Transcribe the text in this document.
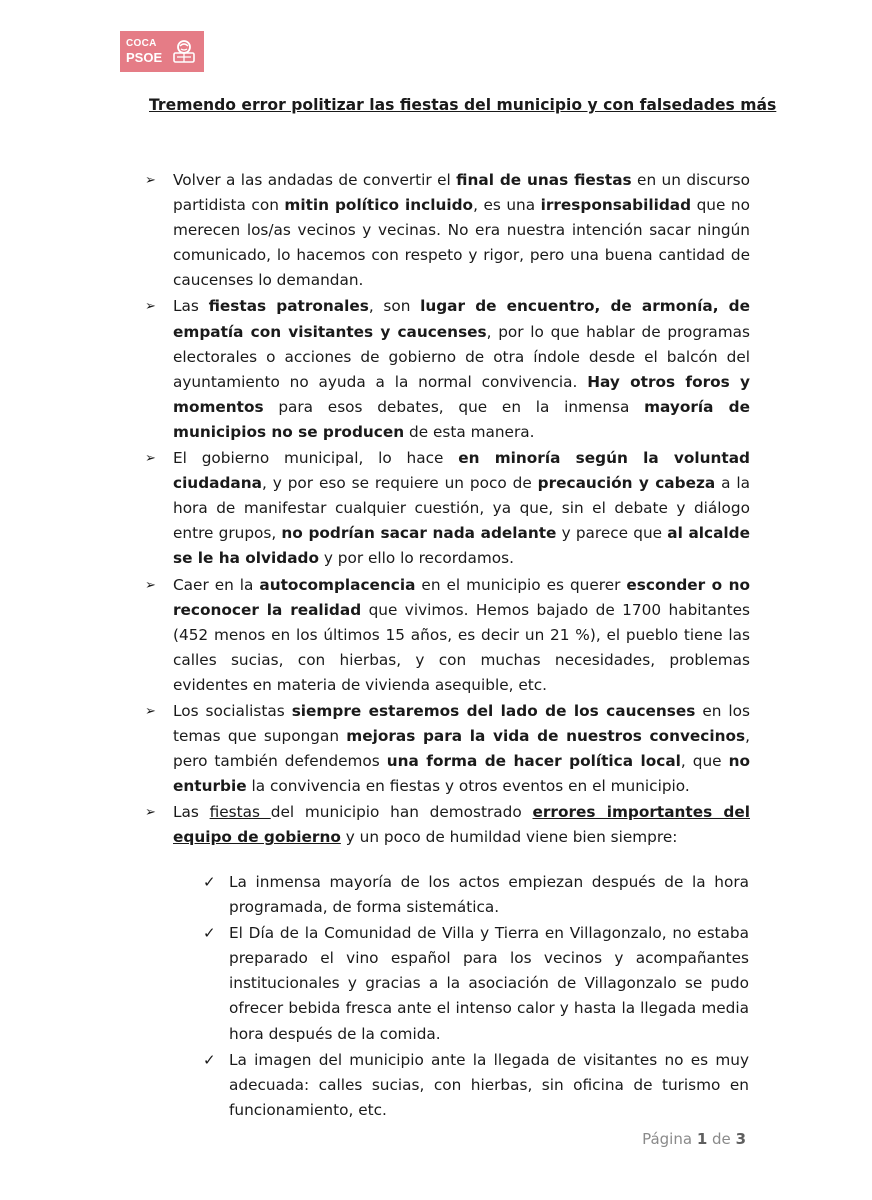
COCA
PSOE
Tremendo error politizar las fiestas del municipio y con falsedades más
➢ Volver a las andadas de convertir el final de unas fiestas en un discurso partidista con mitin político incluido, es una irresponsabilidad que no merecen los/as vecinos y vecinas. No era nuestra intención sacar ningún comunicado, lo hacemos con respeto y rigor, pero una buena cantidad de caucenses lo demandan.
➢ Las fiestas patronales, son lugar de encuentro, de armonía, de empatía con visitantes y caucenses, por lo que hablar de programas electorales o acciones de gobierno de otra índole desde el balcón del ayuntamiento no ayuda a la normal convivencia. Hay otros foros y momentos para esos debates, que en la inmensa mayoría de municipios no se producen de esta manera.
➢ El gobierno municipal, lo hace en minoría según la voluntad ciudadana, y por eso se requiere un poco de precaución y cabeza a la hora de manifestar cualquier cuestión, ya que, sin el debate y diálogo entre grupos, no podrían sacar nada adelante y parece que al alcalde se le ha olvidado y por ello lo recordamos.
➢ Caer en la autocomplacencia en el municipio es querer esconder o no reconocer la realidad que vivimos. Hemos bajado de 1700 habitantes (452 menos en los últimos 15 años, es decir un 21 %), el pueblo tiene las calles sucias, con hierbas, y con muchas necesidades, problemas evidentes en materia de vivienda asequible, etc.
➢ Los socialistas siempre estaremos del lado de los caucenses en los temas que supongan mejoras para la vida de nuestros convecinos, pero también defendemos una forma de hacer política local, que no enturbie la convivencia en fiestas y otros eventos en el municipio.
➢ Las fiestas del municipio han demostrado errores importantes del equipo de gobierno y un poco de humildad viene bien siempre:
✓ La inmensa mayoría de los actos empiezan después de la hora programada, de forma sistemática.
✓ El Día de la Comunidad de Villa y Tierra en Villagonzalo, no estaba preparado el vino español para los vecinos y acompañantes institucionales y gracias a la asociación de Villagonzalo se pudo ofrecer bebida fresca ante el intenso calor y hasta la llegada media hora después de la comida.
✓ La imagen del municipio ante la llegada de visitantes no es muy adecuada: calles sucias, con hierbas, sin oficina de turismo en funcionamiento, etc.
Página 1 de 3
